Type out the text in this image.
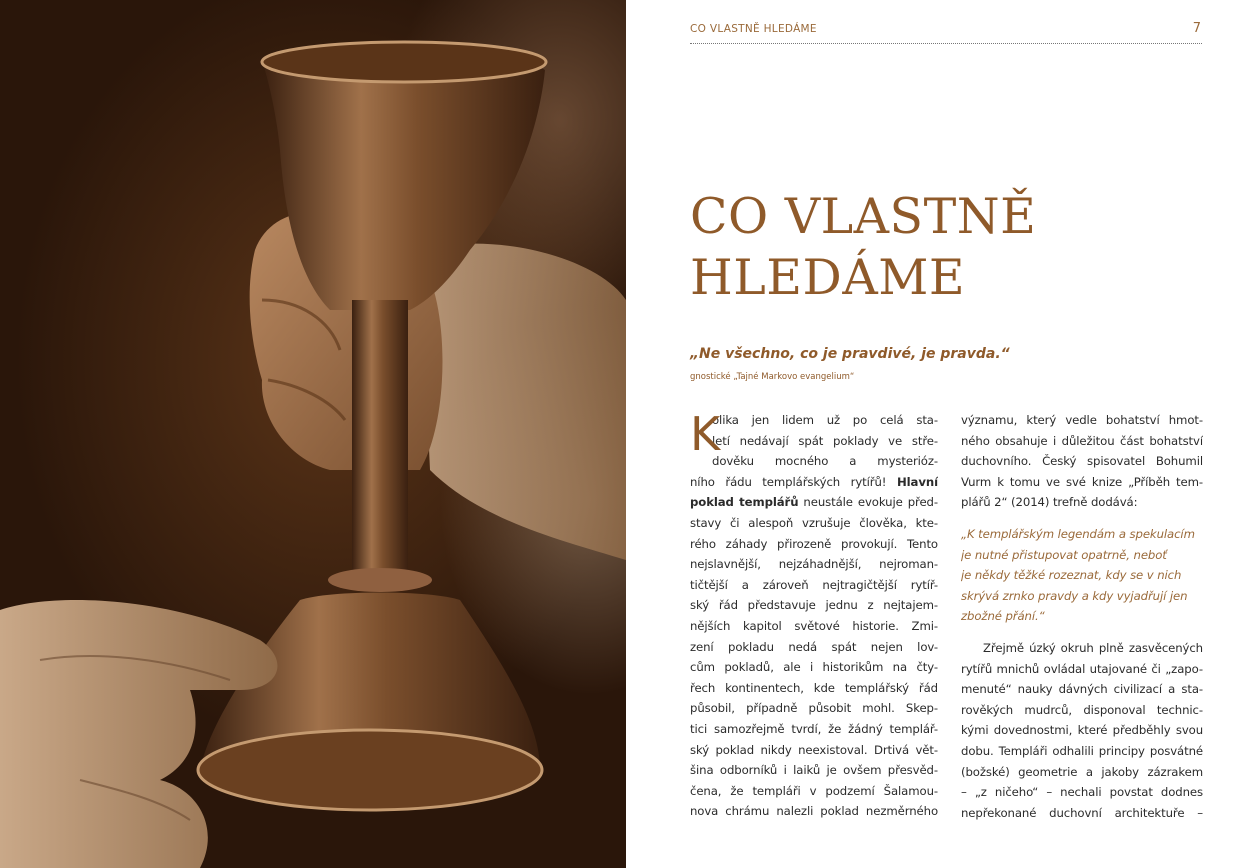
CO VLASTNĚ HLEDÁME	7
CO VLASTNĚ
HLEDÁME
„Ne všechno, co je pravdivé, je pravda.“
gnostické „Tajné Markovo evangelium“
K
olika jen lidem už po celá sta-
letí nedávají spát poklady ve stře-
dověku mocného a mysterióz-
ního řádu templářských rytířů! Hlavní
poklad templářů neustále evokuje před-
stavy či alespoň vzrušuje člověka, kte-
rého záhady přirozeně provokují. Tento
nejslavnější, nejzáhadnější, nejroman-
tičtější a zároveň nejtragičtější rytíř-
ský řád představuje jednu z nejtajem-
nějších kapitol světové historie. Zmi-
zení pokladu nedá spát nejen lov-
cům pokladů, ale i historikům na čty-
řech kontinentech, kde templářský řád
působil, případně působit mohl. Skep-
tici samozřejmě tvrdí, že žádný templář-
ský poklad nikdy neexistoval. Drtivá vět-
šina odborníků i laiků je ovšem přesvěd-
čena, že templáři v podzemí Šalamou-
nova chrámu nalezli poklad nezměrného
významu, který vedle bohatství hmot-
ného obsahuje i důležitou část bohatství
duchovního. Český spisovatel Bohumil
Vurm k tomu ve své knize „Příběh tem-
plářů 2“ (2014) trefně dodává:
„K templářským legendám a spekulacím
je nutné přistupovat opatrně, neboť
je někdy těžké rozeznat, kdy se v nich
skrývá zrnko pravdy a kdy vyjadřují jen
zbožné přání.“
Zřejmě úzký okruh plně zasvěcených
rytířů mnichů ovládal utajované či „zapo-
menuté“ nauky dávných civilizací a sta-
rověkých mudrců, disponoval technic-
kými dovednostmi, které předběhly svou
dobu. Templáři odhalili principy posvátné
(božské) geometrie a jakoby zázrakem
– „z ničeho“ – nechali povstat dodnes
nepřekonané duchovní architektuře –
